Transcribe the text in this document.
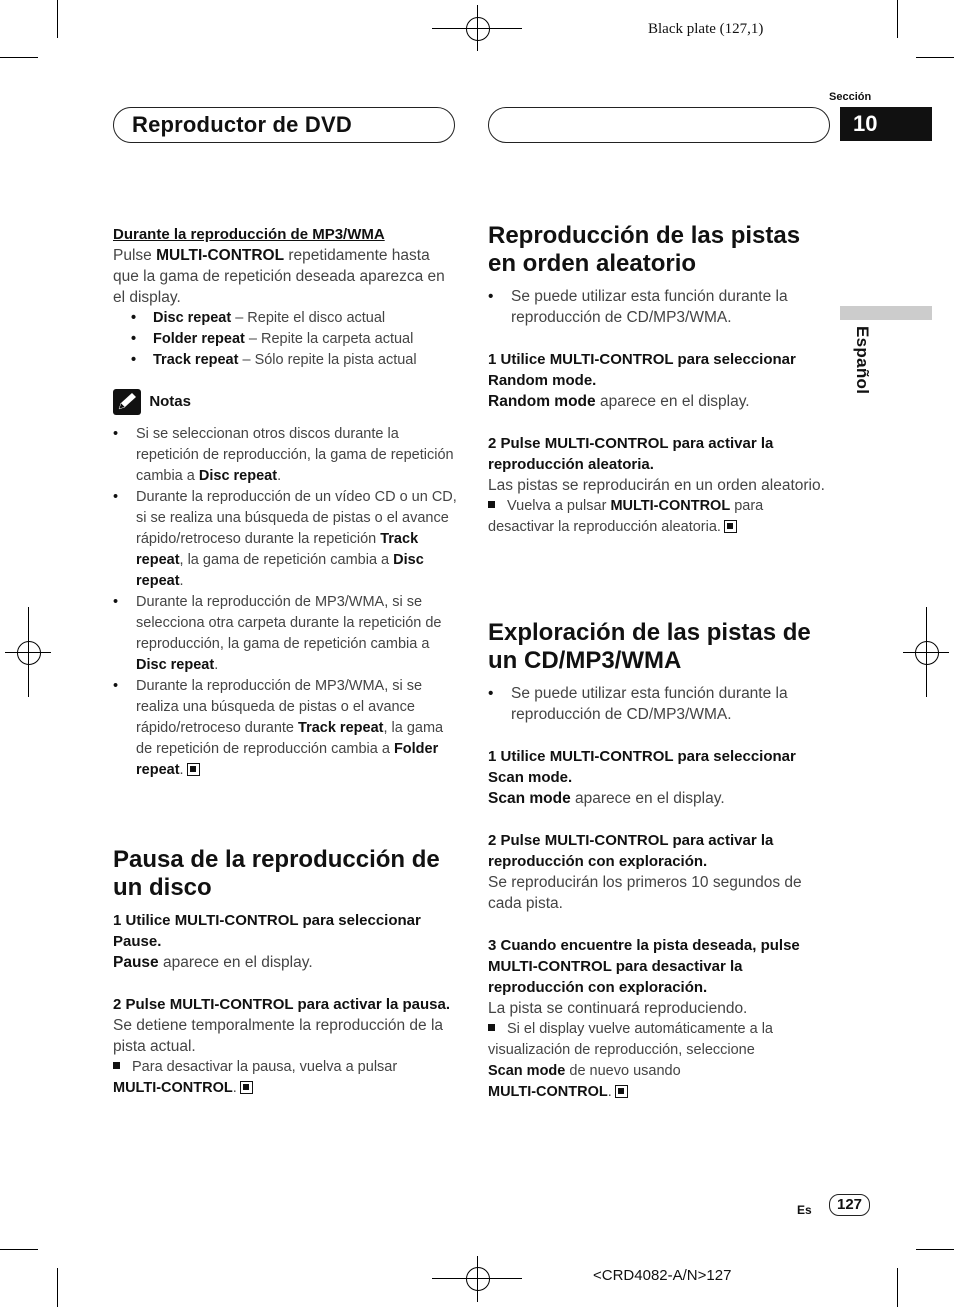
Black plate (127,1)
Reproductor de DVD
Sección
10
Español
Durante la reproducción de MP3/WMA

Pulse MULTI-CONTROL repetidamente hasta que la gama de repetición deseada aparezca en el display.

• Disc repeat – Repite el disco actual
• Folder repeat – Repite la carpeta actual
• Track repeat – Sólo repite la pista actual
Notas
• Si se seleccionan otros discos durante la repetición de reproducción, la gama de repetición cambia a Disc repeat.
• Durante la reproducción de un vídeo CD o un CD, si se realiza una búsqueda de pistas o el avance rápido/retroceso durante la repetición Track repeat, la gama de repetición cambia a Disc repeat.
• Durante la reproducción de MP3/WMA, si se selecciona otra carpeta durante la repetición de reproducción, la gama de repetición cambia a Disc repeat.
• Durante la reproducción de MP3/WMA, si se realiza una búsqueda de pistas o el avance rápido/retroceso durante Track repeat, la gama de repetición de reproducción cambia a Folder repeat.
Pausa de la reproducción de un disco
1 Utilice MULTI-CONTROL para seleccionar Pause.

Pause aparece en el display.

2 Pulse MULTI-CONTROL para activar la pausa.

Se detiene temporalmente la reproducción de la pista actual.

Para desactivar la pausa, vuelva a pulsar
MULTI-CONTROL.

Reproducción de las pistas en orden aleatorio
• Se puede utilizar esta función durante la reproducción de CD/MP3/WMA.
1 Utilice MULTI-CONTROL para seleccionar Random mode.

Random mode aparece en el display.

2 Pulse MULTI-CONTROL para activar la reproducción aleatoria.

Las pistas se reproducirán en un orden aleatorio.

Vuelva a pulsar MULTI-CONTROL para desactivar la reproducción aleatoria.

Exploración de las pistas de un CD/MP3/WMA
• Se puede utilizar esta función durante la reproducción de CD/MP3/WMA.
1 Utilice MULTI-CONTROL para seleccionar Scan mode.

Scan mode aparece en el display.

2 Pulse MULTI-CONTROL para activar la reproducción con exploración.

Se reproducirán los primeros 10 segundos de cada pista.

3 Cuando encuentre la pista deseada, pulse MULTI-CONTROL para desactivar la reproducción con exploración.

La pista se continuará reproduciendo.

Si el display vuelve automáticamente a la visualización de reproducción, seleccione
Scan mode de nuevo usando
MULTI-CONTROL.

Es	127
<CRD4082-A/N>127
